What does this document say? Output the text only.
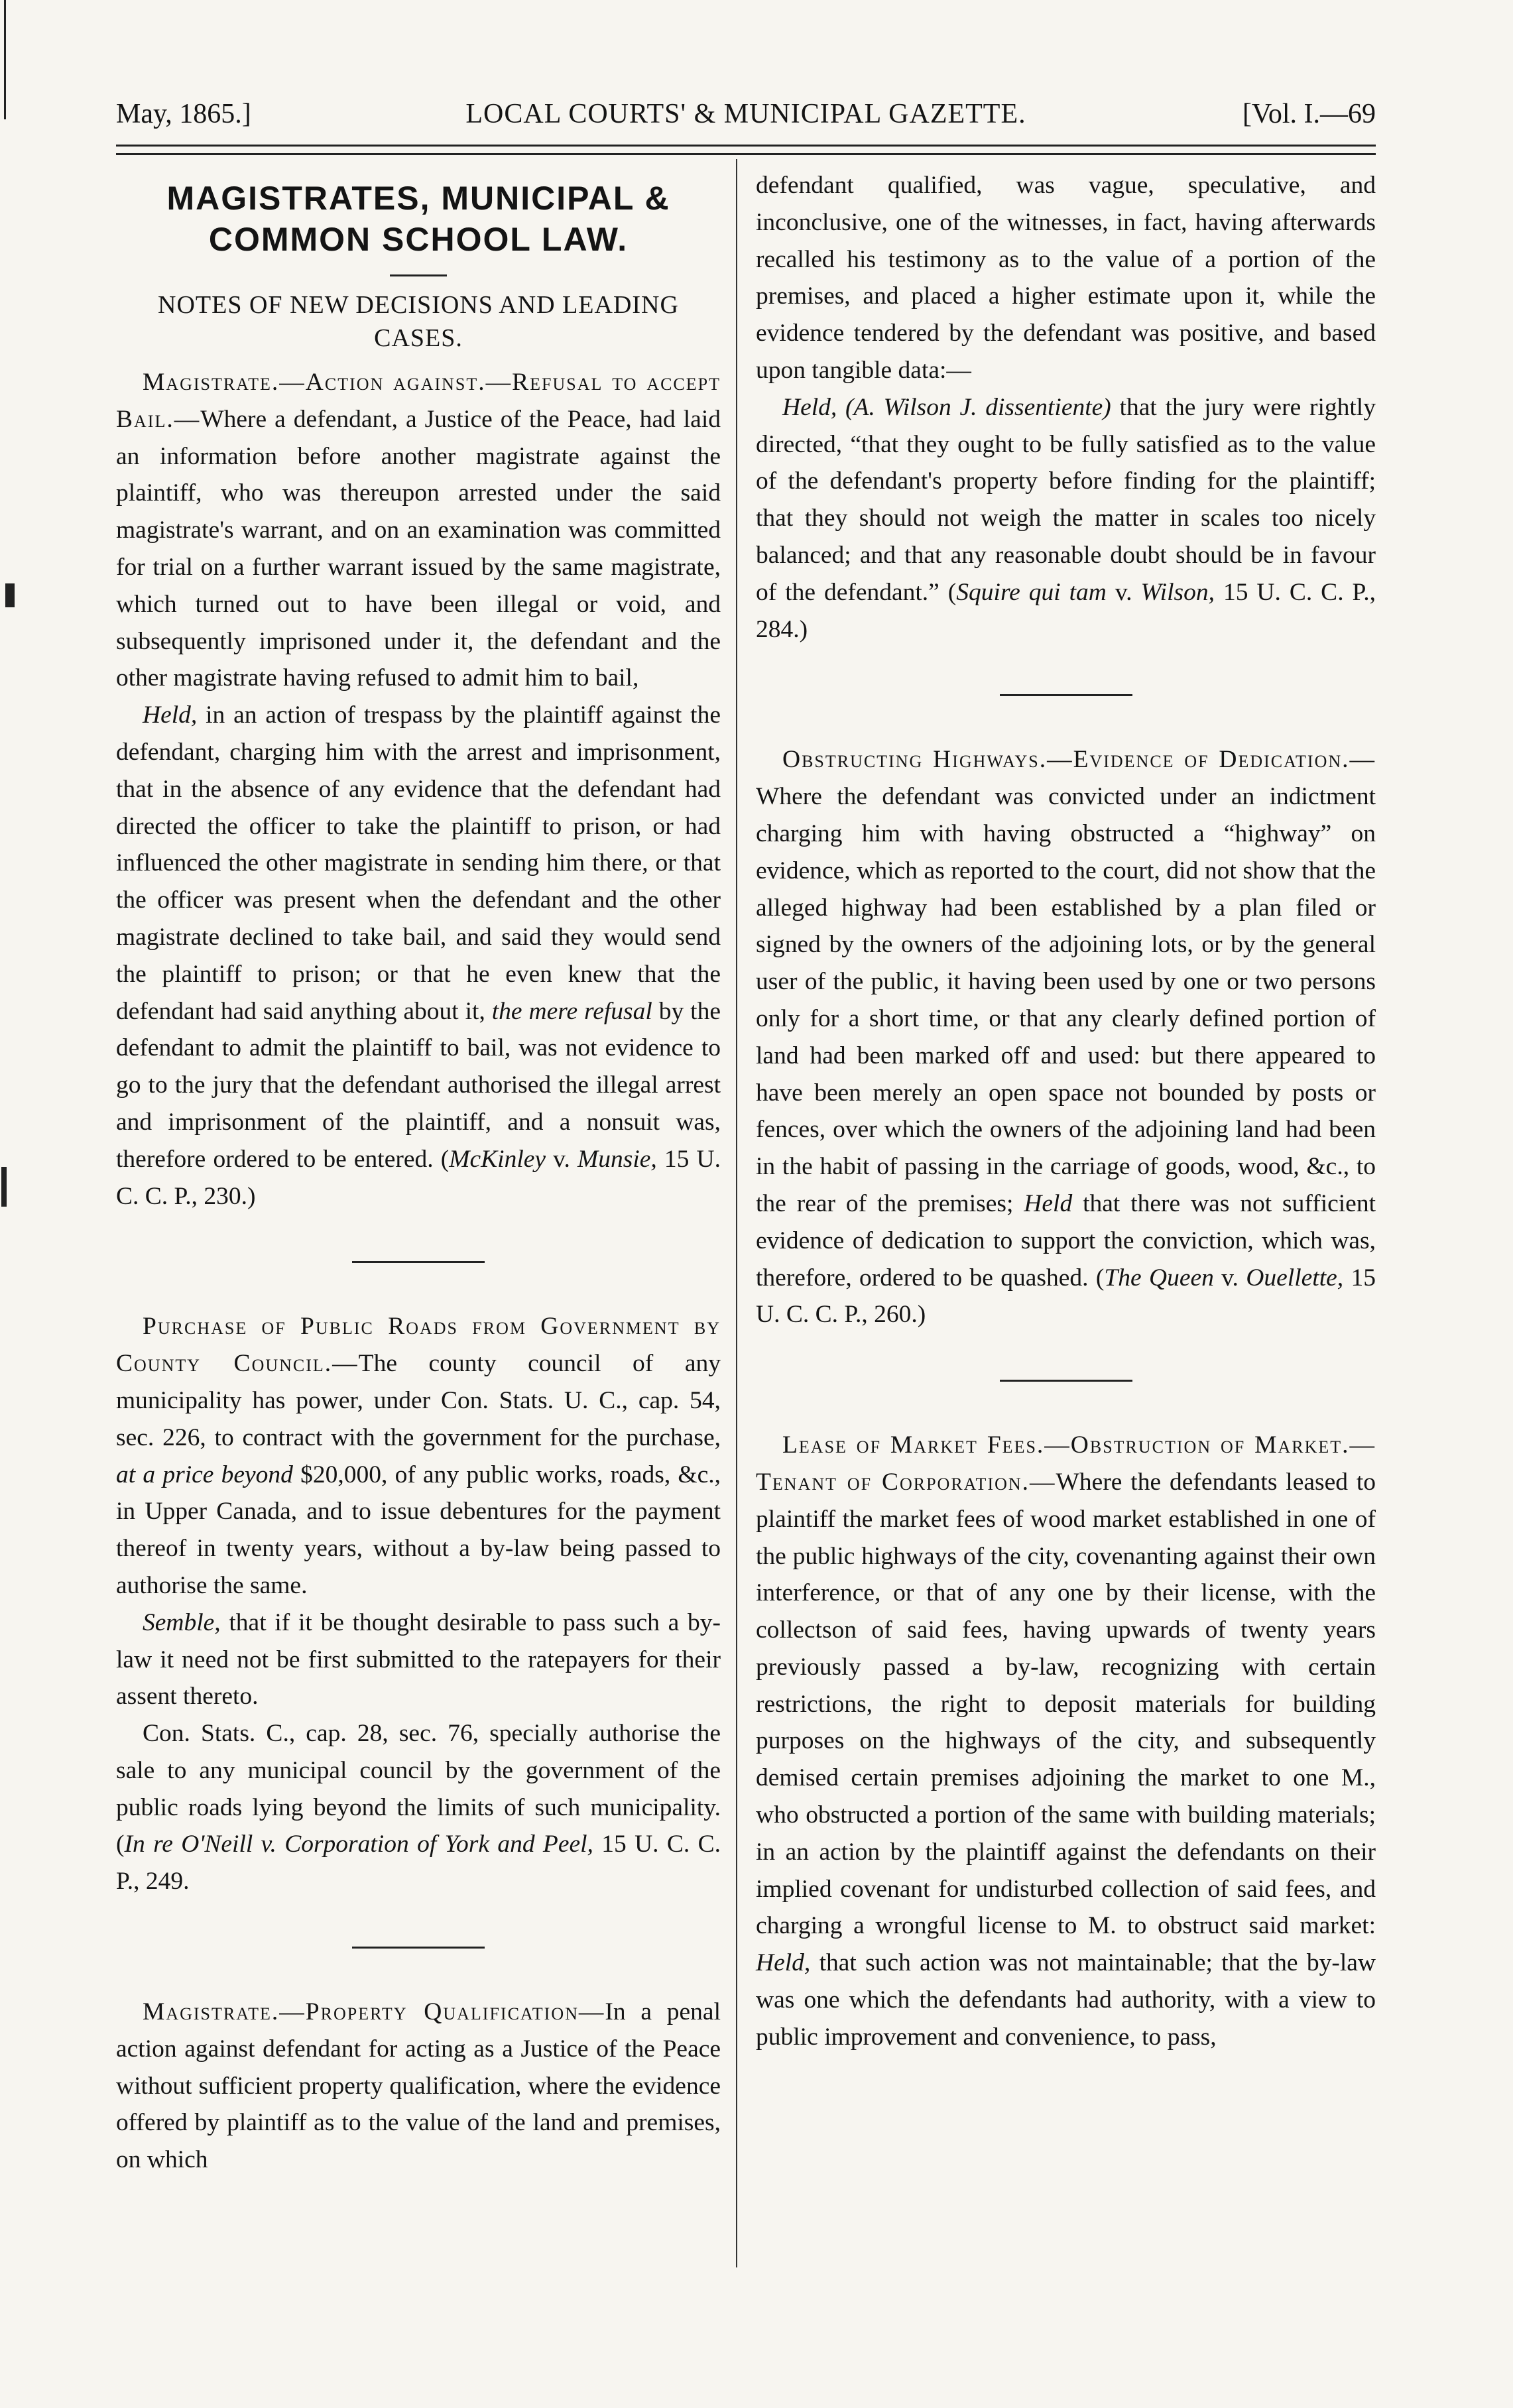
May, 1865.]	LOCAL COURTS' & MUNICIPAL GAZETTE.	[Vol. I.—69
MAGISTRATES, MUNICIPAL & COMMON SCHOOL LAW.
NOTES OF NEW DECISIONS AND LEADING CASES.

Magistrate.—Action against.—Refusal to accept Bail.—Where a defendant, a Justice of the Peace, had laid an information before another magistrate against the plaintiff, who was thereupon arrested under the said magistrate's warrant, and on an examination was committed for trial on a further warrant issued by the same magistrate, which turned out to have been illegal or void, and subsequently imprisoned under it, the defendant and the other magistrate having refused to admit him to bail,

Held, in an action of trespass by the plaintiff against the defendant, charging him with the arrest and imprisonment, that in the absence of any evidence that the defendant had directed the officer to take the plaintiff to prison, or had influenced the other magistrate in sending him there, or that the officer was present when the defendant and the other magistrate declined to take bail, and said they would send the plaintiff to prison; or that he even knew that the defendant had said anything about it, the mere refusal by the defendant to admit the plaintiff to bail, was not evidence to go to the jury that the defendant authorised the illegal arrest and imprisonment of the plaintiff, and a nonsuit was, therefore ordered to be entered. (McKinley v. Munsie, 15 U. C. C. P., 230.)

Purchase of Public Roads from Government by County Council.—The county council of any municipality has power, under Con. Stats. U. C., cap. 54, sec. 226, to contract with the government for the purchase, at a price beyond $20,000, of any public works, roads, &c., in Upper Canada, and to issue debentures for the payment thereof in twenty years, without a by-law being passed to authorise the same.

Semble, that if it be thought desirable to pass such a by-law it need not be first submitted to the ratepayers for their assent thereto.

Con. Stats. C., cap. 28, sec. 76, specially authorise the sale to any municipal council by the government of the public roads lying beyond the limits of such municipality. (In re O'Neill v. Corporation of York and Peel, 15 U. C. C. P., 249.

Magistrate.—Property Qualification—In a penal action against defendant for acting as a Justice of the Peace without sufficient property qualification, where the evidence offered by plaintiff as to the value of the land and premises, on which

defendant qualified, was vague, speculative, and inconclusive, one of the witnesses, in fact, having afterwards recalled his testimony as to the value of a portion of the premises, and placed a higher estimate upon it, while the evidence tendered by the defendant was positive, and based upon tangible data:—

Held, (A. Wilson J. dissentiente) that the jury were rightly directed, “that they ought to be fully satisfied as to the value of the defendant's property before finding for the plaintiff; that they should not weigh the matter in scales too nicely balanced; and that any reasonable doubt should be in favour of the defendant.” (Squire qui tam v. Wilson, 15 U. C. C. P., 284.)

Obstructing Highways.—Evidence of Dedication.—Where the defendant was convicted under an indictment charging him with having obstructed a “highway” on evidence, which as reported to the court, did not show that the alleged highway had been established by a plan filed or signed by the owners of the adjoining lots, or by the general user of the public, it having been used by one or two persons only for a short time, or that any clearly defined portion of land had been marked off and used: but there appeared to have been merely an open space not bounded by posts or fences, over which the owners of the adjoining land had been in the habit of passing in the carriage of goods, wood, &c., to the rear of the premises; Held that there was not sufficient evidence of dedication to support the conviction, which was, therefore, ordered to be quashed. (The Queen v. Ouellette, 15 U. C. C. P., 260.)

Lease of Market Fees.—Obstruction of Market.—Tenant of Corporation.—Where the defendants leased to plaintiff the market fees of wood market established in one of the public highways of the city, covenanting against their own interference, or that of any one by their license, with the collectson of said fees, having upwards of twenty years previously passed a by-law, recognizing with certain restrictions, the right to deposit materials for building purposes on the highways of the city, and subsequently demised certain premises adjoining the market to one M., who obstructed a portion of the same with building materials; in an action by the plaintiff against the defendants on their implied covenant for undisturbed collection of said fees, and charging a wrongful license to M. to obstruct said market: Held, that such action was not maintainable; that the by-law was one which the defendants had authority, with a view to public improvement and convenience, to pass,
